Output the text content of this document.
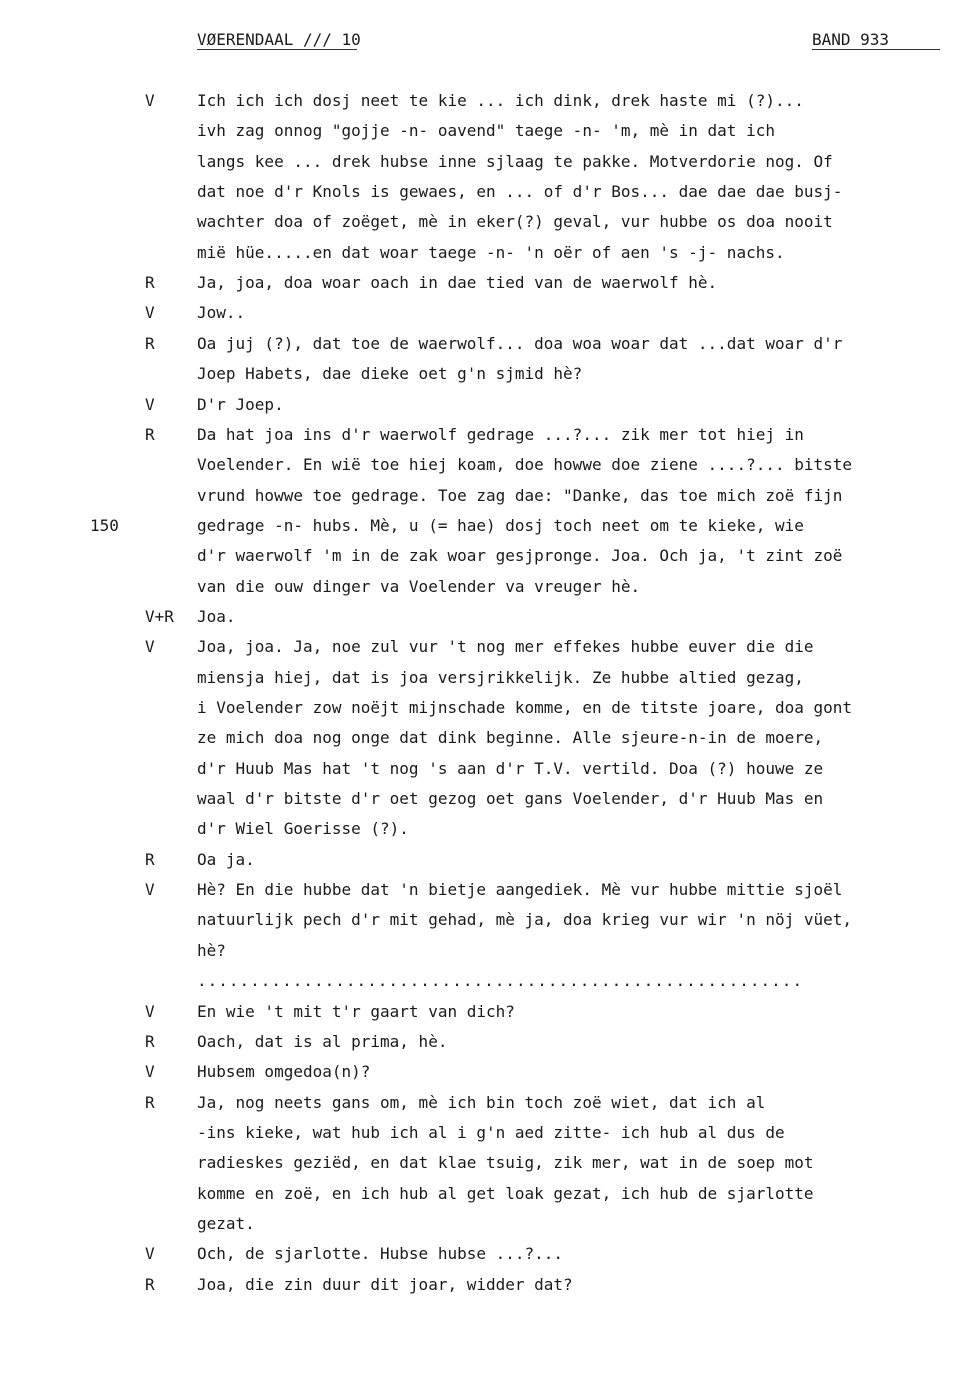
VØERENDAAL /// 10	BAND 933
V	Ich ich ich dosj neet te kie ... ich dink, drek haste mi (?)...
ivh zag onnog "gojje -n- oavend" taege -n- 'm, mè in dat ich
langs kee ... drek hubse inne sjlaag te pakke. Motverdorie nog. Of
dat noe d'r Knols is gewaes, en ... of d'r Bos... dae dae dae busj-
wachter doa of zoëget, mè in eker(?) geval, vur hubbe os doa nooit
mië hüe.....en dat woar taege -n- 'n oër of aen 's -j- nachs.
R	Ja, joa, doa woar oach in dae tied van de waerwolf hè.
V	Jow..
R	Oa juj (?), dat toe de waerwolf... doa woa woar dat ...dat woar d'r
Joep Habets, dae dieke oet g'n sjmid hè?
V	D'r Joep.
R	Da hat joa ins d'r waerwolf gedrage ...?... zik mer tot hiej in
Voelender. En wië toe hiej koam, doe howwe doe ziene ....?... bitste
vrund howwe toe gedrage. Toe zag dae: "Danke, das toe mich zoë fijn
150	gedrage -n- hubs. Mè, u (= hae) dosj toch neet om te kieke, wie
d'r waerwolf 'm in de zak woar gesjpronge. Joa. Och ja, 't zint zoë
van die ouw dinger va Voelender va vreuger hè.
V+R Joa.
V	Joa, joa. Ja, noe zul vur 't nog mer effekes hubbe euver die die
miensja hiej, dat is joa versjrikkelijk. Ze hubbe altied gezag,
i Voelender zow noëjt mijnschade komme, en de titste joare, doa gont
ze mich doa nog onge dat dink beginne. Alle sjeure-n-in de moere,
d'r Huub Mas hat 't nog 's aan d'r T.V. vertild. Doa (?) houwe ze
waal d'r bitste d'r oet gezog oet gans Voelender, d'r Huub Mas en
d'r Wiel Goerisse (?).
R	Oa ja.
V	Hè? En die hubbe dat 'n bietje aangediek. Mè vur hubbe mittie sjoël
natuurlijk pech d'r mit gehad, mè ja, doa krieg vur wir 'n nöj vüet,
hè?
.........................................................
V	En wie 't mit t'r gaart van dich?
R	Oach, dat is al prima, hè.
V	Hubsem omgedoa(n)?
R	Ja, nog neets gans om, mè ich bin toch zoë wiet, dat ich al
-ins kieke, wat hub ich al i g'n aed zitte- ich hub al dus de
radieskes geziëd, en dat klae tsuig, zik mer, wat in de soep mot
komme en zoë, en ich hub al get loak gezat, ich hub de sjarlotte
gezat.
V	Och, de sjarlotte. Hubse hubse ...?...
R	Joa, die zin duur dit joar, widder dat?
